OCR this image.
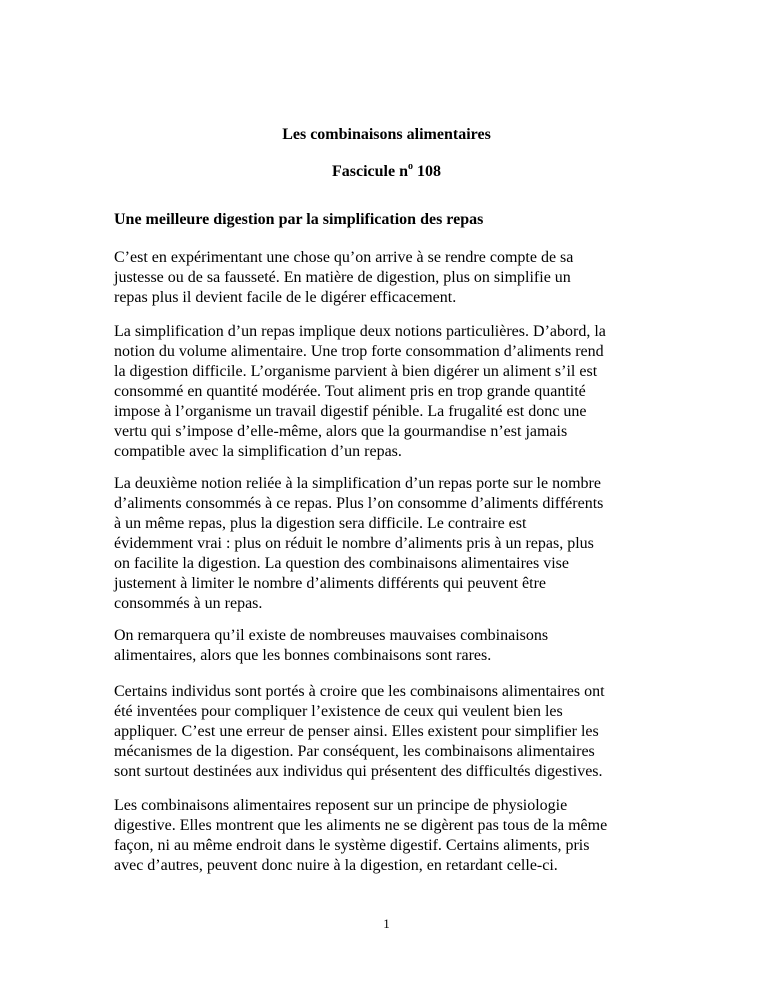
Les combinaisons alimentaires
Fascicule $n^o$ 108
Une meilleure digestion par la simplification des repas

C’est en expérimentant une chose qu’on arrive à se rendre compte de sa
justesse ou de sa fausseté. En matière de digestion, plus on simplifie un
repas plus il devient facile de le digérer efficacement.

La simplification d’un repas implique deux notions particulières. D’abord, la
notion du volume alimentaire. Une trop forte consommation d’aliments rend
la digestion difficile. L’organisme parvient à bien digérer un aliment s’il est
consommé en quantité modérée. Tout aliment pris en trop grande quantité
impose à l’organisme un travail digestif pénible. La frugalité est donc une
vertu qui s’impose d’elle-même, alors que la gourmandise n’est jamais
compatible avec la simplification d’un repas.

La deuxième notion reliée à la simplification d’un repas porte sur le nombre
d’aliments consommés à ce repas. Plus l’on consomme d’aliments différents
à un même repas, plus la digestion sera difficile. Le contraire est
évidemment vrai : plus on réduit le nombre d’aliments pris à un repas, plus
on facilite la digestion. La question des combinaisons alimentaires vise
justement à limiter le nombre d’aliments différents qui peuvent être
consommés à un repas.

On remarquera qu’il existe de nombreuses mauvaises combinaisons
alimentaires, alors que les bonnes combinaisons sont rares.

Certains individus sont portés à croire que les combinaisons alimentaires ont
été inventées pour compliquer l’existence de ceux qui veulent bien les
appliquer. C’est une erreur de penser ainsi. Elles existent pour simplifier les
mécanismes de la digestion. Par conséquent, les combinaisons alimentaires
sont surtout destinées aux individus qui présentent des difficultés digestives.

Les combinaisons alimentaires reposent sur un principe de physiologie
digestive. Elles montrent que les aliments ne se digèrent pas tous de la même
façon, ni au même endroit dans le système digestif. Certains aliments, pris
avec d’autres, peuvent donc nuire à la digestion, en retardant celle-ci.

1
